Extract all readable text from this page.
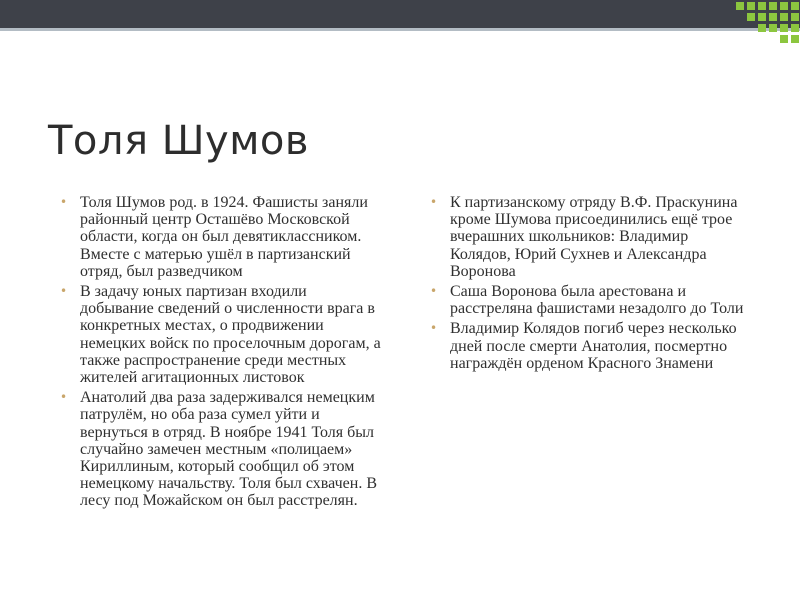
Толя Шумов
• Толя Шумов род. в 1924. Фашисты заняли районный центр Осташёво Московской области, когда он был девятиклассником. Вместе с матерью ушёл в партизанский отряд, был разведчиком
• В задачу юных партизан входили добывание сведений о численности врага в конкретных местах, о продвижении немецких войск по проселочным дорогам, а также распространение среди местных жителей агитационных листовок
• Анатолий два раза задерживался немецким патрулём, но оба раза сумел уйти и вернуться в отряд. В ноябре 1941 Толя был случайно замечен местным «полицаем» Кириллиным, который сообщил об этом немецкому начальству. Толя был схвачен. В лесу под Можайском он был расстрелян.
• К партизанскому отряду В.Ф. Праскунина кроме Шумова присоединились ещё трое вчерашних школьников: Владимир Колядов, Юрий Сухнев и Александра Воронова
• Саша Воронова была арестована и расстреляна фашистами незадолго до Толи
• Владимир Колядов погиб через несколько дней после смерти Анатолия, посмертно награждён орденом Красного Знамени
